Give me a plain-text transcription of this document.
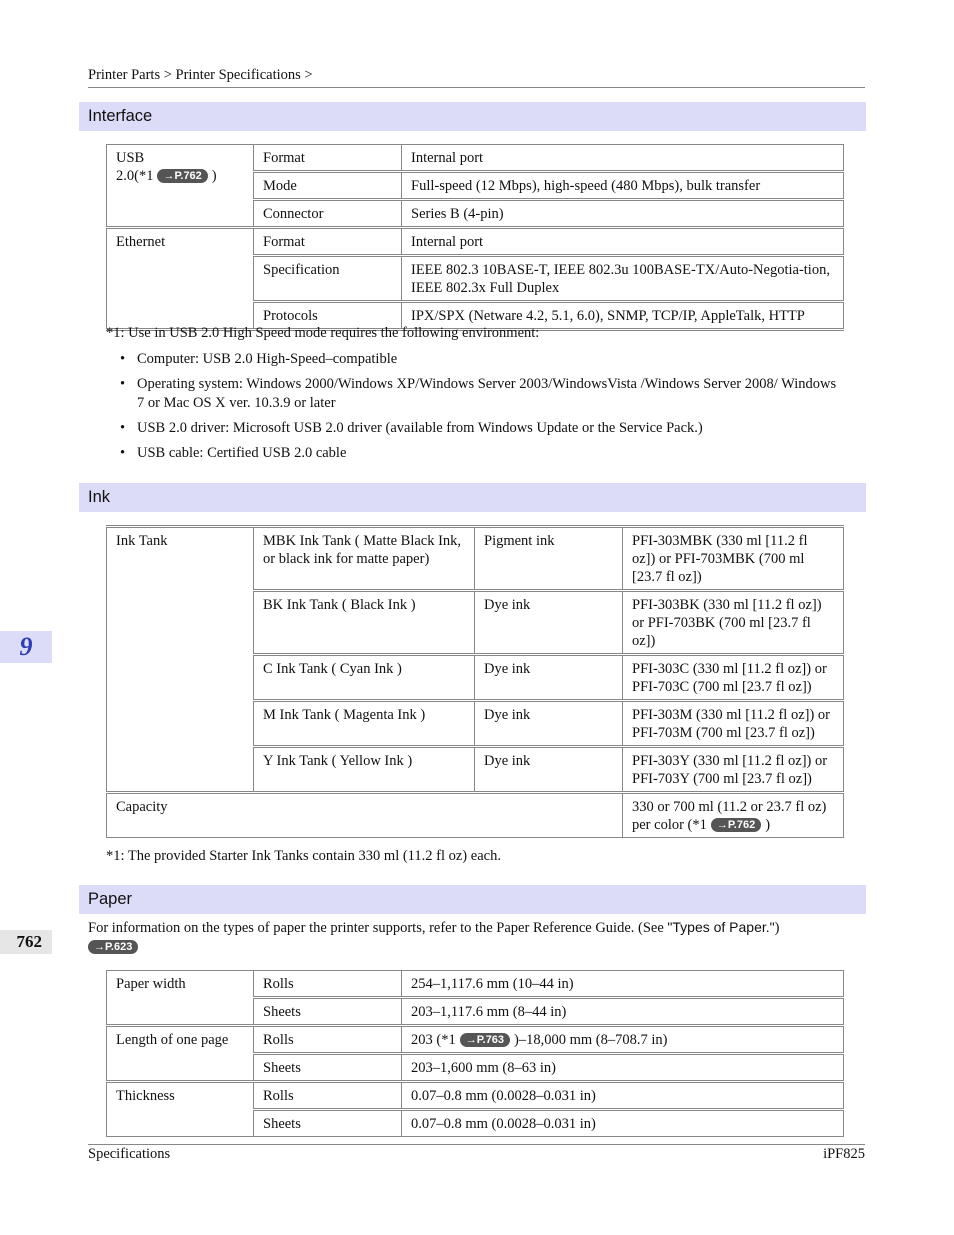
Printer Parts > Printer Specifications >
Interface
USB
2.0(*1 →P.762 )	Format	Internal port
	Mode	Full-speed (12 Mbps), high-speed (480 Mbps), bulk transfer
	Connector	Series B (4-pin)
Ethernet	Format	Internal port
	Specification	IEEE 802.3 10BASE-T, IEEE 802.3u 100BASE-TX/Auto-Negotia-tion, IEEE 802.3x Full Duplex
	Protocols	IPX/SPX (Netware 4.2, 5.1, 6.0), SNMP, TCP/IP, AppleTalk, HTTP
*1: Use in USB 2.0 High Speed mode requires the following environment:
• Computer: USB 2.0 High-Speed–compatible
• Operating system: Windows 2000/Windows XP/Windows Server 2003/WindowsVista /Windows Server 2008/ Windows 7 or Mac OS X ver. 10.3.9 or later
• USB 2.0 driver: Microsoft USB 2.0 driver (available from Windows Update or the Service Pack.)
• USB cable: Certified USB 2.0 cable
Ink
Ink Tank	MBK Ink Tank ( Matte Black Ink, or black ink for matte paper)	Pigment ink	PFI-303MBK (330 ml [11.2 fl oz]) or PFI-703MBK (700 ml [23.7 fl oz])
	BK Ink Tank ( Black Ink )	Dye ink	PFI-303BK (330 ml [11.2 fl oz]) or PFI-703BK (700 ml [23.7 fl oz])
	C Ink Tank ( Cyan Ink )	Dye ink	PFI-303C (330 ml [11.2 fl oz]) or PFI-703C (700 ml [23.7 fl oz])
	M Ink Tank ( Magenta Ink )	Dye ink	PFI-303M (330 ml [11.2 fl oz]) or PFI-703M (700 ml [23.7 fl oz])
	Y Ink Tank ( Yellow Ink )	Dye ink	PFI-303Y (330 ml [11.2 fl oz]) or PFI-703Y (700 ml [23.7 fl oz])
Capacity			330 or 700 ml (11.2 or 23.7 fl oz) per color (*1 →P.762 )
*1: The provided Starter Ink Tanks contain 330 ml (11.2 fl oz) each.
Paper
For information on the types of paper the printer supports, refer to the Paper Reference Guide. (See "Types of Paper.")
→P.623
Paper width	Rolls	254–1,117.6 mm (10–44 in)
	Sheets	203–1,117.6 mm (8–44 in)
Length of one page	Rolls	203 (*1 →P.763 )–18,000 mm (8–708.7 in)
	Sheets	203–1,600 mm (8–63 in)
Thickness	Rolls	0.07–0.8 mm (0.0028–0.031 in)
	Sheets	0.07–0.8 mm (0.0028–0.031 in)
9
762
Specifications	iPF825
